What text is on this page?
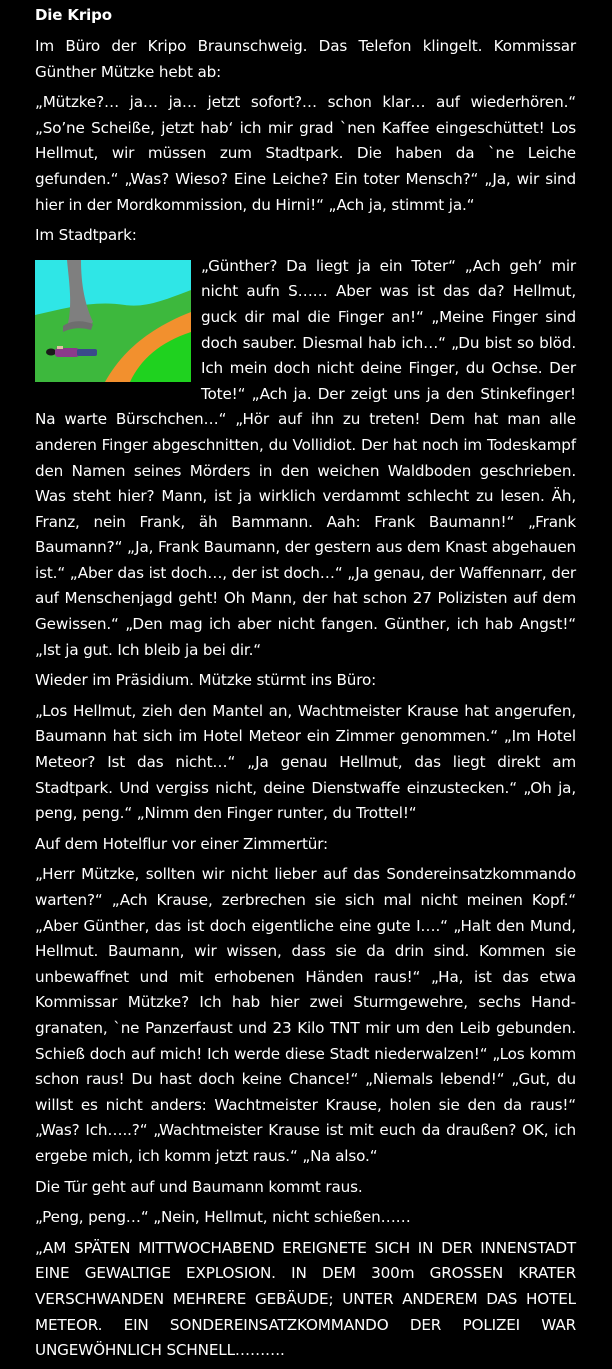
Die Kripo

Im Büro der Kripo Braunschweig. Das Telefon klingelt. Kommissar Günther Mützke hebt ab:

„Mützke?… ja… ja… jetzt sofort?… schon klar… auf wiederhören.“ „So’ne Scheiße, jetzt hab‘ ich mir grad `nen Kaffee eingeschüttet! Los Hellmut, wir müssen zum Stadtpark. Die haben da `ne Leiche gefunden.“ „Was? Wieso? Eine Leiche? Ein toter Mensch?“ „Ja, wir sind hier in der Mordkommission, du Hirni!“ „Ach ja, stimmt ja.“

Im Stadtpark:

„Günther? Da liegt ja ein Toter“ „Ach geh‘ mir nicht aufn S…… Aber was ist das da? Hellmut, guck dir mal die Finger an!“ „Meine Finger sind doch sauber. Diesmal hab ich…“ „Du bist so blöd. Ich mein doch nicht deine Finger, du Ochse. Der Tote!“ „Ach ja. Der zeigt uns ja den Stinkefinger! Na warte Bürschchen…“ „Hör auf ihn zu treten! Dem hat man alle anderen Finger abgeschnitten, du Vollidiot. Der hat noch im Todeskampf den Namen seines Mörders in den weichen Waldboden geschrieben. Was steht hier? Mann, ist ja wirklich verdammt schlecht zu lesen. Äh, Franz, nein Frank, äh Bammann. Aah: Frank Baumann!“ „Frank Baumann?“ „Ja, Frank Baumann, der gestern aus dem Knast abgehauen ist.“ „Aber das ist doch…, der ist doch…“ „Ja genau, der Waffennarr, der auf Menschenjagd geht! Oh Mann, der hat schon 27 Polizisten auf dem Gewissen.“ „Den mag ich aber nicht fangen. Günther, ich hab Angst!“ „Ist ja gut. Ich bleib ja bei dir.“

Wieder im Präsidium. Mützke stürmt ins Büro:

„Los Hellmut, zieh den Mantel an, Wachtmeister Krause hat angerufen, Baumann hat sich im Hotel Meteor ein Zimmer genommen.“ „Im Hotel Meteor? Ist das nicht…“ „Ja genau Hellmut, das liegt direkt am Stadtpark. Und vergiss nicht, deine Dienstwaffe einzustecken.“ „Oh ja, peng, peng.“ „Nimm den Finger runter, du Trottel!“

Auf dem Hotelflur vor einer Zimmertür:

„Herr Mützke, sollten wir nicht lieber auf das Sondereinsatzkommando warten?“ „Ach Krause, zerbrechen sie sich mal nicht meinen Kopf.“ „Aber Günther, das ist doch eigentliche eine gute I….“ „Halt den Mund, Hellmut. Baumann, wir wissen, dass sie da drin sind. Kommen sie unbewaffnet und mit erhobenen Händen raus!“ „Ha, ist das etwa Kommissar Mützke? Ich hab hier zwei Sturmgewehre, sechs Handgranaten, `ne Panzerfaust und 23 Kilo TNT mir um den Leib gebunden. Schieß doch auf mich! Ich werde diese Stadt niederwalzen!“ „Los komm schon raus! Du hast doch keine Chance!“ „Niemals lebend!“ „Gut, du willst es nicht anders: Wachtmeister Krause, holen sie den da raus!“ „Was? Ich…..?“ „Wachtmeister Krause ist mit euch da draußen? OK, ich ergebe mich, ich komm jetzt raus.“ „Na also.“

Die Tür geht auf und Baumann kommt raus.

„Peng, peng…“ „Nein, Hellmut, nicht schießen……

„AM SPÄTEN MITTWOCHABEND EREIGNETE SICH IN DER INNENSTADT EINE GEWALTIGE EXPLOSION. IN DEM 300m GROSSEN KRATER VERSCHWANDEN MEHRERE GEBÄUDE; UNTER ANDEREM DAS HOTEL METEOR. EIN SONDEREINSATZKOMMANDO DER POLIZEI WAR UNGEWÖHNLICH SCHNELL……….
